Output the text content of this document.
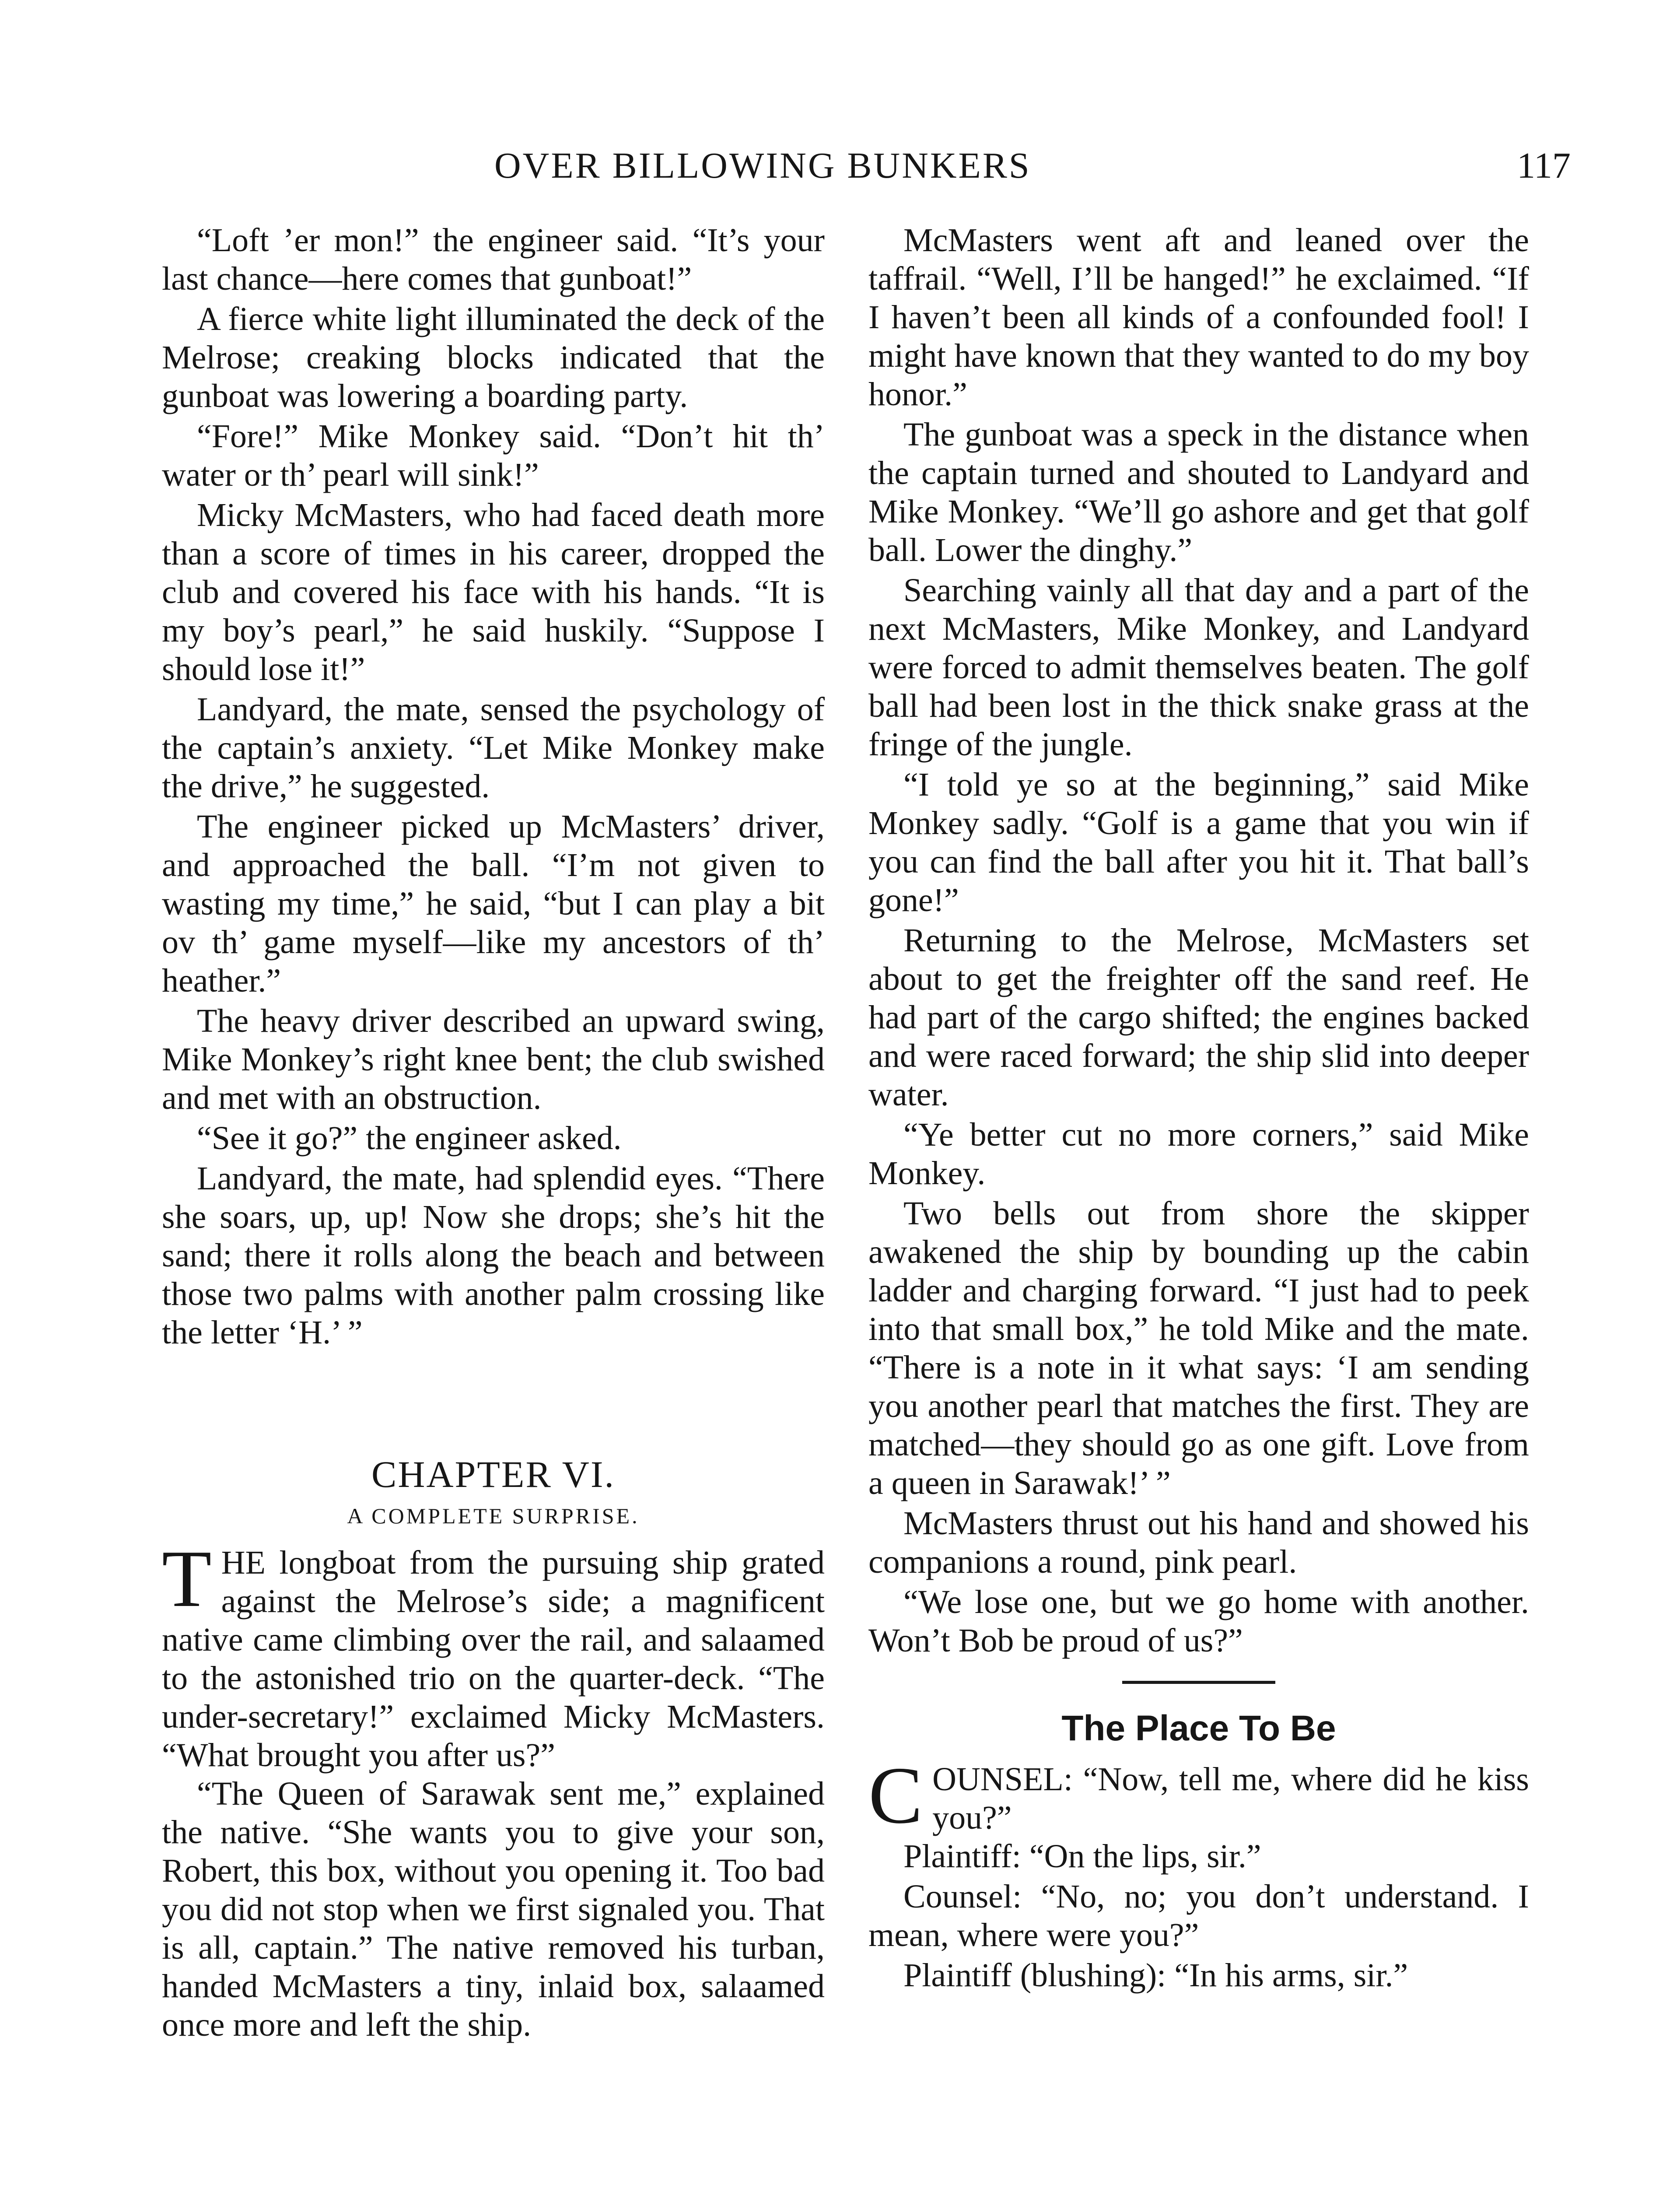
OVER BILLOWING BUNKERS	117

“Loft ’er mon!” the engineer said. “It’s your last chance—here comes that gunboat!”

A fierce white light illuminated the deck of the Melrose; creaking blocks indicated that the gunboat was lowering a boarding party.

“Fore!” Mike Monkey said. “Don’t hit th’ water or th’ pearl will sink!”

Micky McMasters, who had faced death more than a score of times in his career, dropped the club and covered his face with his hands. “It is my boy’s pearl,” he said huskily. “Suppose I should lose it!”

Landyard, the mate, sensed the psychology of the captain’s anxiety. “Let Mike Monkey make the drive,” he suggested.

The engineer picked up McMasters’ driver, and approached the ball. “I’m not given to wasting my time,” he said, “but I can play a bit ov th’ game myself—like my ancestors of th’ heather.”

The heavy driver described an upward swing, Mike Monkey’s right knee bent; the club swished and met with an obstruction.

“See it go?” the engineer asked.

Landyard, the mate, had splendid eyes. “There she soars, up, up! Now she drops; she’s hit the sand; there it rolls along the beach and between those two palms with another palm crossing like the letter ‘H.’ ”

CHAPTER VI.
A COMPLETE SURPRISE.

T HE longboat from the pursuing ship grated against the Melrose’s side; a magnificent native came climbing over the rail, and salaamed to the astonished trio on the quarter-deck. “The under-secretary!” exclaimed Micky McMasters. “What brought you after us?”

“The Queen of Sarawak sent me,” explained the native. “She wants you to give your son, Robert, this box, without you opening it. Too bad you did not stop when we first signaled you. That is all, captain.” The native removed his turban, handed McMasters a tiny, inlaid box, salaamed once more and left the ship.

McMasters went aft and leaned over the taffrail. “Well, I’ll be hanged!” he exclaimed. “If I haven’t been all kinds of a confounded fool! I might have known that they wanted to do my boy honor.”

The gunboat was a speck in the distance when the captain turned and shouted to Landyard and Mike Monkey. “We’ll go ashore and get that golf ball. Lower the dinghy.”

Searching vainly all that day and a part of the next McMasters, Mike Monkey, and Landyard were forced to admit themselves beaten. The golf ball had been lost in the thick snake grass at the fringe of the jungle.

“I told ye so at the beginning,” said Mike Monkey sadly. “Golf is a game that you win if you can find the ball after you hit it. That ball’s gone!”

Returning to the Melrose, McMasters set about to get the freighter off the sand reef. He had part of the cargo shifted; the engines backed and were raced forward; the ship slid into deeper water.

“Ye better cut no more corners,” said Mike Monkey.

Two bells out from shore the skipper awakened the ship by bounding up the cabin ladder and charging forward. “I just had to peek into that small box,” he told Mike and the mate. “There is a note in it what says: ‘I am sending you another pearl that matches the first. They are matched—they should go as one gift. Love from a queen in Sarawak!’ ”

McMasters thrust out his hand and showed his companions a round, pink pearl.

“We lose one, but we go home with another. Won’t Bob be proud of us?”

The Place To Be

C OUNSEL: “Now, tell me, where did he kiss you?”

Plaintiff: “On the lips, sir.”

Counsel: “No, no; you don’t understand. I mean, where were you?”

Plaintiff (blushing): “In his arms, sir.”
